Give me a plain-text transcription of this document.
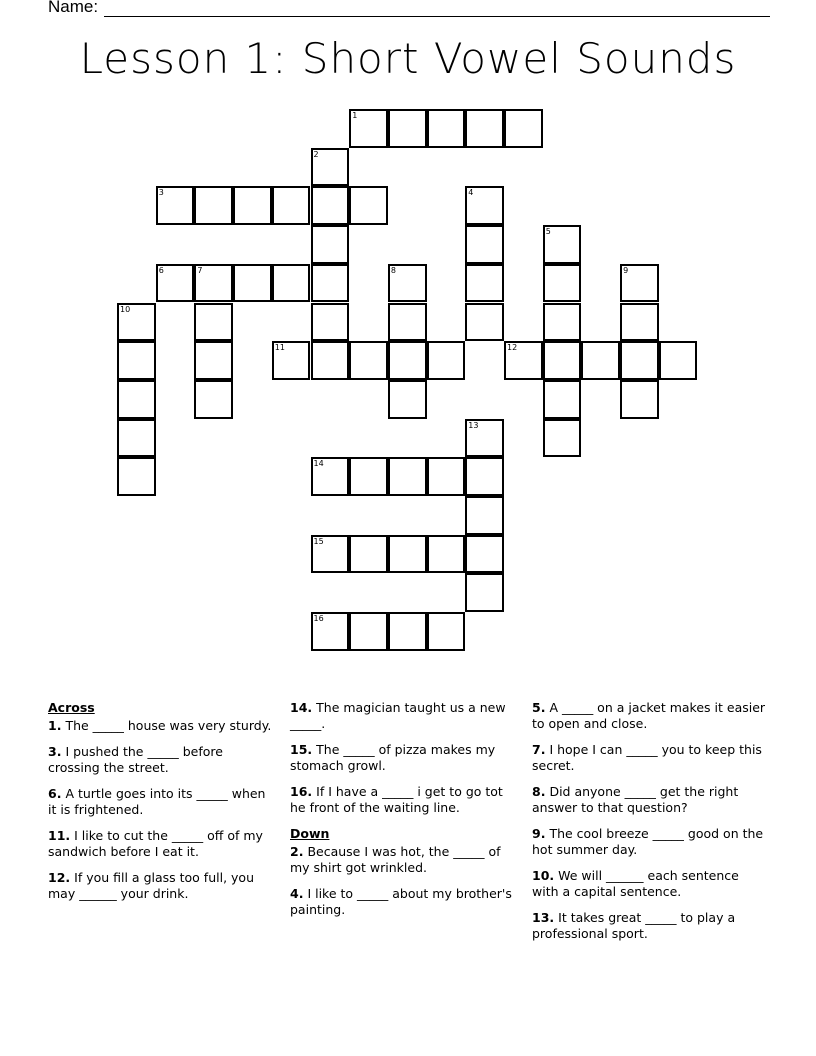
Name:
Lesson 1: Short Vowel Sounds
1
2
3	4
5
6	7	8	9
10
11	12
13
14
15
16
Across
1. The _____ house was very sturdy.
3. I pushed the _____ before crossing the street.
6. A turtle goes into its _____ when it is frightened.
11. I like to cut the _____ off of my sandwich before I eat it.
12. If you fill a glass too full, you may ______ your drink.
14. The magician taught us a new _____.
15. The _____ of pizza makes my stomach growl.
16. If I have a _____ i get to go tot he front of the waiting line.
Down
2. Because I was hot, the _____ of my shirt got wrinkled.
4. I like to _____ about my brother's painting.
5. A _____ on a jacket makes it easier to open and close.
7. I hope I can _____ you to keep this secret.
8. Did anyone _____ get the right answer to that question?
9. The cool breeze _____ good on the hot summer day.
10. We will ______ each sentence with a capital sentence.
13. It takes great _____ to play a professional sport.
